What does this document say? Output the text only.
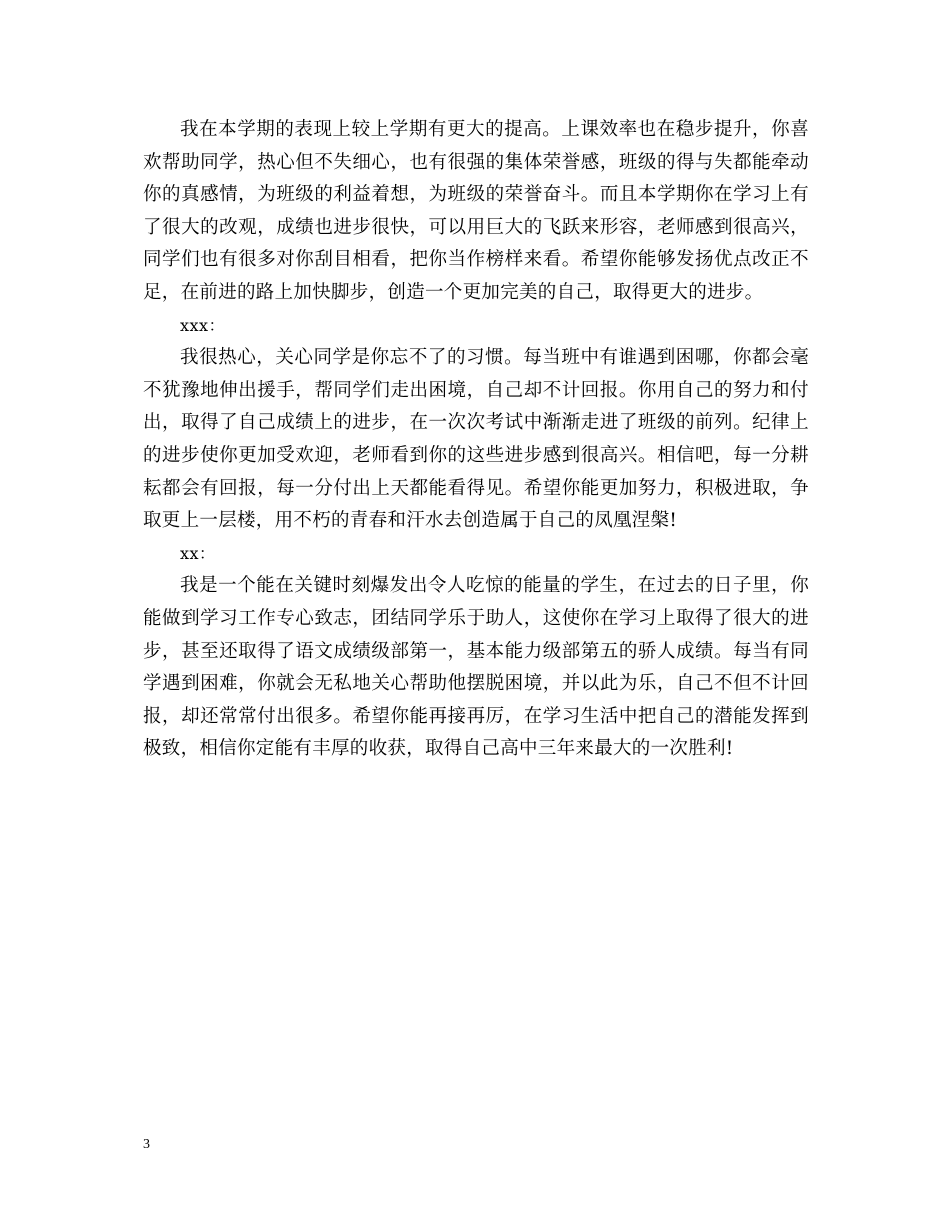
我在本学期的表现上较上学期有更大的提高。上课效率也在稳步提升，你喜欢帮助同学，热心但不失细心，也有很强的集体荣誉感，班级的得与失都能牵动你的真感情，为班级的利益着想，为班级的荣誉奋斗。而且本学期你在学习上有了很大的改观，成绩也进步很快，可以用巨大的飞跃来形容，老师感到很高兴，同学们也有很多对你刮目相看，把你当作榜样来看。希望你能够发扬优点改正不足，在前进的路上加快脚步，创造一个更加完美的自己，取得更大的进步。

xxx：

我很热心，关心同学是你忘不了的习惯。每当班中有谁遇到困哪，你都会毫不犹豫地伸出援手，帮同学们走出困境，自己却不计回报。你用自己的努力和付出，取得了自己成绩上的进步，在一次次考试中渐渐走进了班级的前列。纪律上的进步使你更加受欢迎，老师看到你的这些进步感到很高兴。相信吧，每一分耕耘都会有回报，每一分付出上天都能看得见。希望你能更加努力，积极进取，争取更上一层楼，用不朽的青春和汗水去创造属于自己的凤凰涅槃!

xx：

我是一个能在关键时刻爆发出令人吃惊的能量的学生，在过去的日子里，你能做到学习工作专心致志，团结同学乐于助人，这使你在学习上取得了很大的进步，甚至还取得了语文成绩级部第一，基本能力级部第五的骄人成绩。每当有同学遇到困难，你就会无私地关心帮助他摆脱困境，并以此为乐，自己不但不计回报，却还常常付出很多。希望你能再接再厉，在学习生活中把自己的潜能发挥到极致，相信你定能有丰厚的收获，取得自己高中三年来最大的一次胜利!

3
